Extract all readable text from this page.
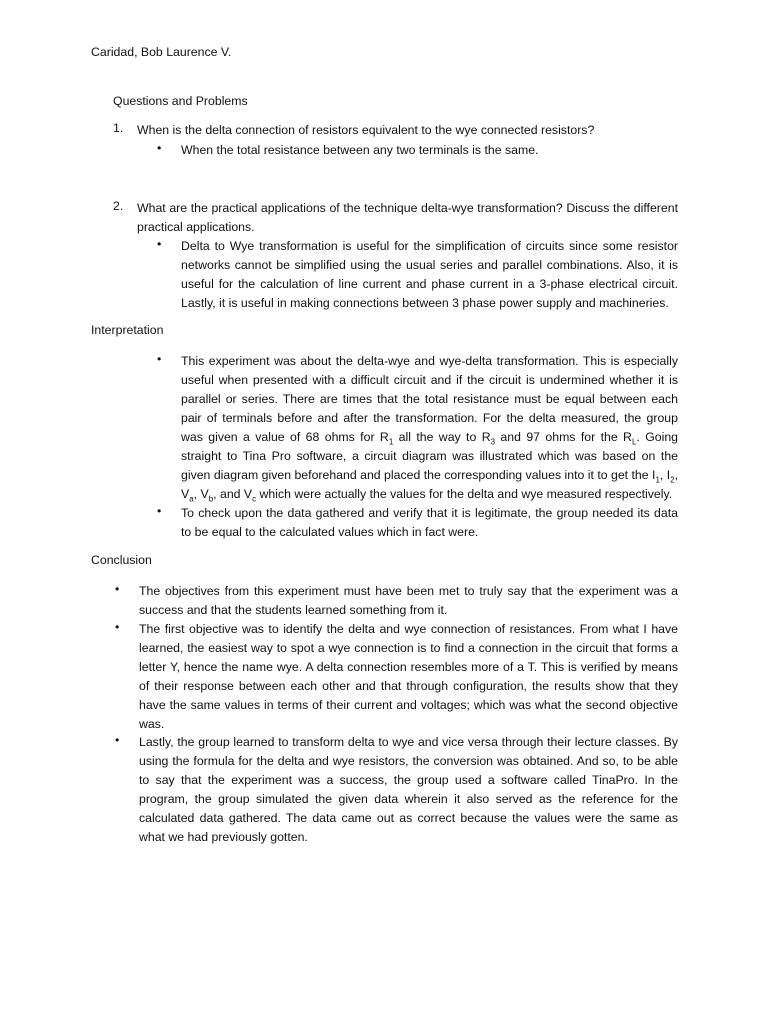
Caridad, Bob Laurence V.
Questions and Problems
1.	When is the delta connection of resistors equivalent to the wye connected resistors?
• When the total resistance between any two terminals is the same.
2.	What are the practical applications of the technique delta-wye transformation? Discuss the different practical applications.
• Delta to Wye transformation is useful for the simplification of circuits since some resistor networks cannot be simplified using the usual series and parallel combinations. Also, it is useful for the calculation of line current and phase current in a 3-phase electrical circuit. Lastly, it is useful in making connections between 3 phase power supply and machineries.
Interpretation
• This experiment was about the delta-wye and wye-delta transformation. This is especially useful when presented with a difficult circuit and if the circuit is undermined whether it is parallel or series. There are times that the total resistance must be equal between each pair of terminals before and after the transformation. For the delta measured, the group was given a value of 68 ohms for $R_1$ all the way to $R_3$ and 97 ohms for the $R_L$. Going straight to Tina Pro software, a circuit diagram was illustrated which was based on the given diagram given beforehand and placed the corresponding values into it to get the $I_1$, $I_2$, $V_a$, $V_b$, and $V_c$ which were actually the values for the delta and wye measured respectively.
• To check upon the data gathered and verify that it is legitimate, the group needed its data to be equal to the calculated values which in fact were.
Conclusion
• The objectives from this experiment must have been met to truly say that the experiment was a success and that the students learned something from it.
• The first objective was to identify the delta and wye connection of resistances. From what I have learned, the easiest way to spot a wye connection is to find a connection in the circuit that forms a letter Y, hence the name wye. A delta connection resembles more of a T. This is verified by means of their response between each other and that through configuration, the results show that they have the same values in terms of their current and voltages; which was what the second objective was.
• Lastly, the group learned to transform delta to wye and vice versa through their lecture classes. By using the formula for the delta and wye resistors, the conversion was obtained. And so, to be able to say that the experiment was a success, the group used a software called TinaPro. In the program, the group simulated the given data wherein it also served as the reference for the calculated data gathered. The data came out as correct because the values were the same as what we had previously gotten.
